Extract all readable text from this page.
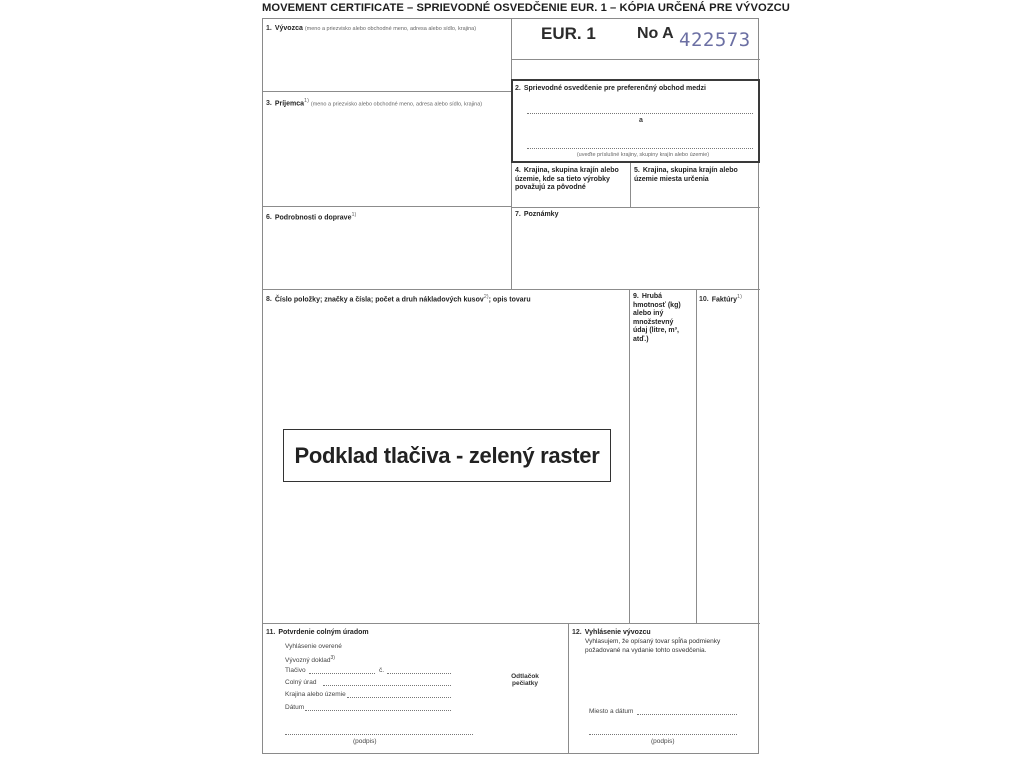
MOVEMENT CERTIFICATE – SPRIEVODNÉ OSVEDČENIE EUR. 1 – KÓPIA URČENÁ PRE VÝVOZCU
1. Vývozca (meno a priezvisko alebo obchodné meno, adresa alebo sídlo, krajina)	EUR. 1	No A 422573
2. Sprievodné osvedčenie pre preferenčný obchod medzi
a
(uveďte príslušné krajiny, skupiny krajín alebo územie)
3. Príjemca$^{1)}$ (meno a priezvisko alebo obchodné meno, adresa alebo sídlo, krajina)
4. Krajina, skupina krajín alebo územie, kde sa tieto výrobky považujú za pôvodné
5. Krajina, skupina krajín alebo územie miesta určenia
6. Podrobnosti o doprave$^{1)}$	7. Poznámky
8. Číslo položky; značky a čísla; počet a druh nákladových kusov$^{2)}$; opis tovaru	9. Hrubá hmotnosť (kg) alebo iný množstevný údaj (litre, m³, atď.)
10. Faktúry$^{1)}$
Podklad tlačiva - zelený raster
11. Potvrdenie colným úradom
Vyhlásenie overené
Vývozný doklad$^{3)}$
Tlačivo	č.
Colný úrad
Krajina alebo územie
Dátum
Odtlačok pečiatky
(podpis)
12. Vyhlásenie vývozcu
Vyhlasujem, že opísaný tovar spĺňa podmienky požadované na vydanie tohto osvedčenia.
Miesto a dátum
(podpis)
